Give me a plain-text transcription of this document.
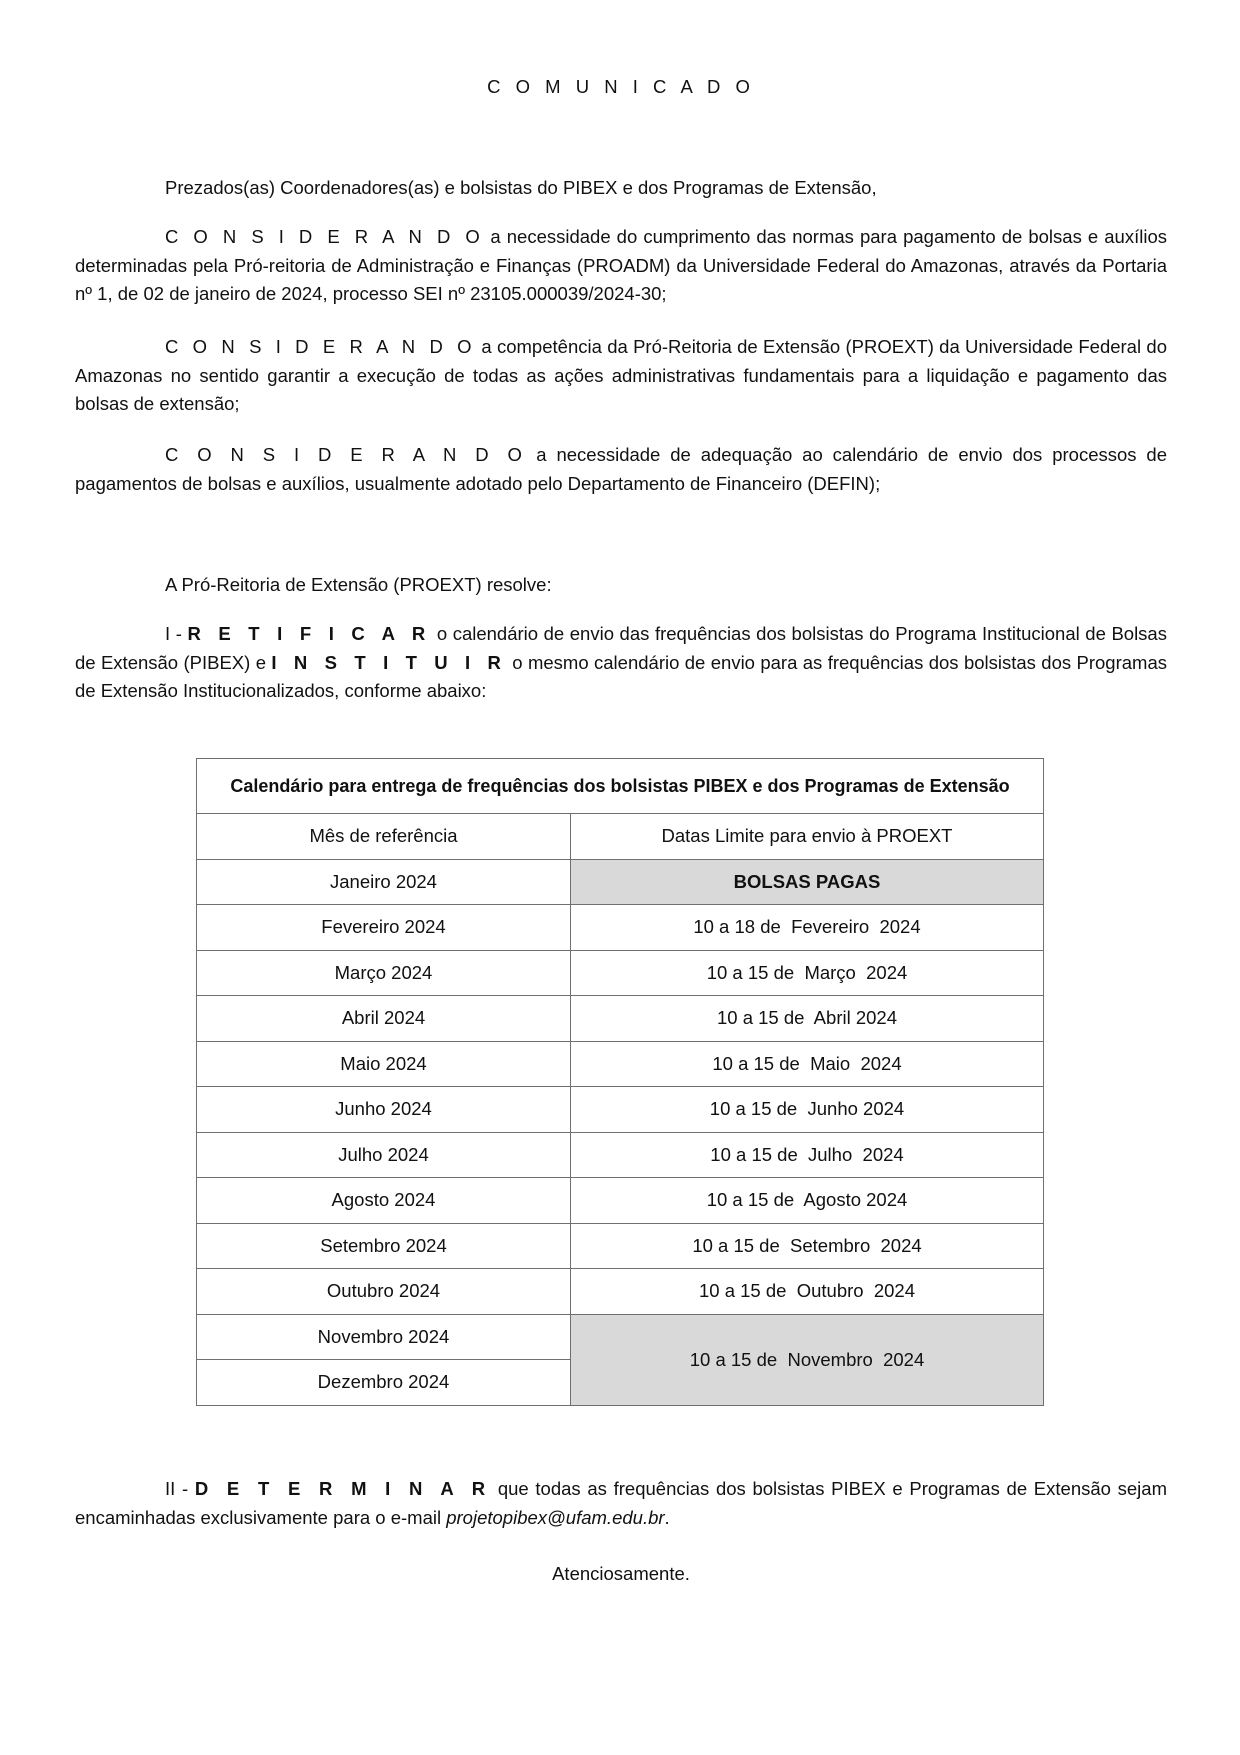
C O M U N I C A D O
Prezados(as) Coordenadores(as) e bolsistas do PIBEX e dos Programas de Extensão,
C O N S I D E R A N D O a necessidade do cumprimento das normas para pagamento de bolsas e auxílios determinadas pela Pró-reitoria de Administração e Finanças (PROADM) da Universidade Federal do Amazonas, através da Portaria nº 1, de 02 de janeiro de 2024, processo SEI nº 23105.000039/2024-30;
C O N S I D E R A N D O a competência da Pró-Reitoria de Extensão (PROEXT) da Universidade Federal do Amazonas no sentido garantir a execução de todas as ações administrativas fundamentais para a liquidação e pagamento das bolsas de extensão;
C O N S I D E R A N D O a necessidade de adequação ao calendário de envio dos processos de pagamentos de bolsas e auxílios, usualmente adotado pelo Departamento de Financeiro (DEFIN);
A Pró-Reitoria de Extensão (PROEXT) resolve:
I - R E T I F I C A R o calendário de envio das frequências dos bolsistas do Programa Institucional de Bolsas de Extensão (PIBEX) e I N S T I T U I R o mesmo calendário de envio para as frequências dos bolsistas dos Programas de Extensão Institucionalizados, conforme abaixo:
Calendário para entrega de frequências dos bolsistas PIBEX e dos Programas de Extensão	
Mês de referência	Datas Limite para envio à PROEXT
Janeiro 2024	BOLSAS PAGAS
Fevereiro 2024	10 a 18 de  Fevereiro  2024
Março 2024	10 a 15 de  Março  2024
Abril 2024	10 a 15 de  Abril 2024
Maio 2024	10 a 15 de  Maio  2024
Junho 2024	10 a 15 de  Junho 2024
Julho 2024	10 a 15 de  Julho  2024
Agosto 2024	10 a 15 de  Agosto 2024
Setembro 2024	10 a 15 de  Setembro  2024
Outubro 2024	10 a 15 de  Outubro  2024
Novembro 2024	10 a 15 de  Novembro  2024
Dezembro 2024	
II - D E T E R M I N A R que todas as frequências dos bolsistas PIBEX e Programas de Extensão sejam encaminhadas exclusivamente para o e-mail projetopibex@ufam.edu.br.
Atenciosamente.
